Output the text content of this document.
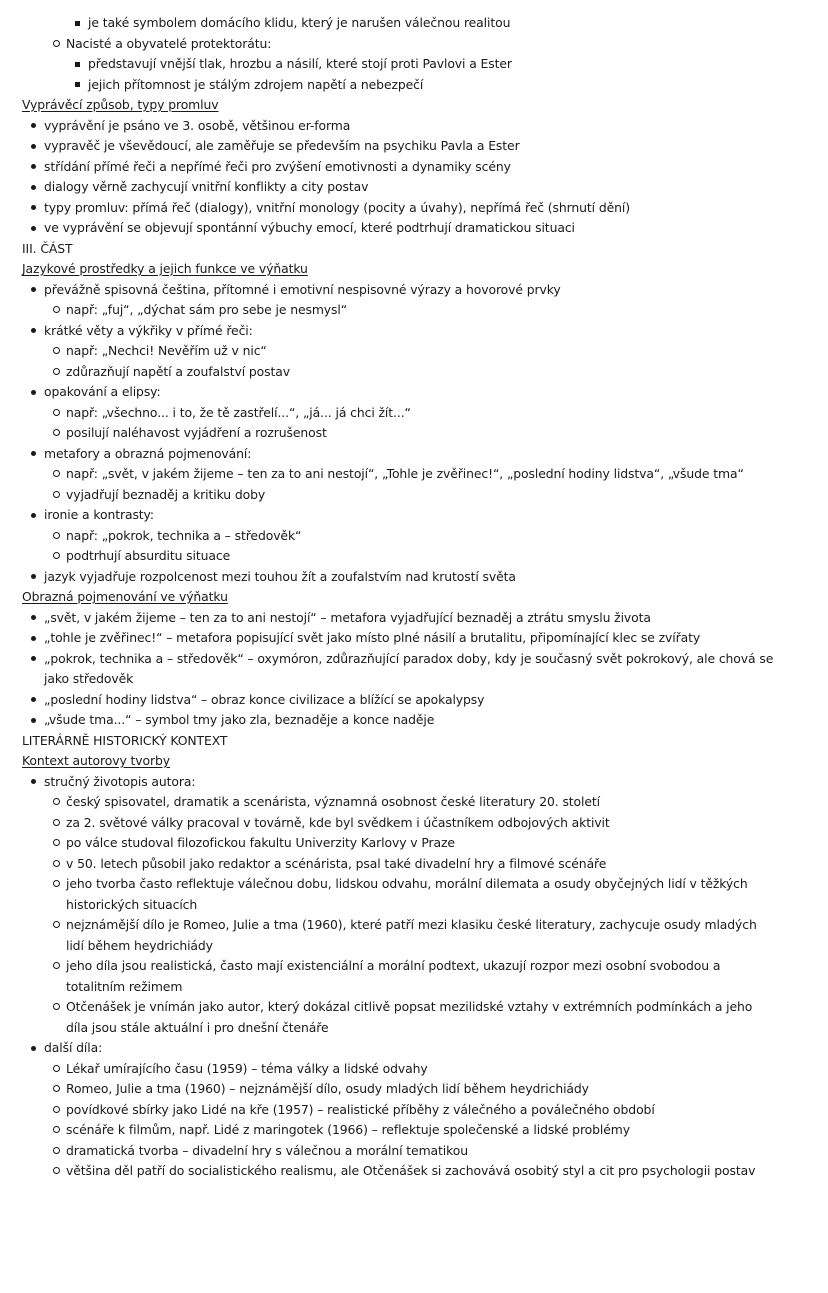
je také symbolem domácího klidu, který je narušen válečnou realitou
Nacisté a obyvatelé protektorátu:
představují vnější tlak, hrozbu a násilí, které stojí proti Pavlovi a Ester
jejich přítomnost je stálým zdrojem napětí a nebezpečí
Vyprávěcí způsob, typy promluv
vyprávění je psáno ve 3. osobě, většinou er-forma
vypravěč je vševědoucí, ale zaměřuje se především na psychiku Pavla a Ester
střídání přímé řeči a nepřímé řeči pro zvýšení emotivnosti a dynamiky scény
dialogy věrně zachycují vnitřní konflikty a city postav
typy promluv: přímá řeč (dialogy), vnitřní monology (pocity a úvahy), nepřímá řeč (shrnutí dění)
ve vyprávění se objevují spontánní výbuchy emocí, které podtrhují dramatickou situaci
III. ČÁST
Jazykové prostředky a jejich funkce ve výňatku
převážně spisovná čeština, přítomné i emotivní nespisovné výrazy a hovorové prvky
např: „fuj“, „dýchat sám pro sebe je nesmysl“
krátké věty a výkřiky v přímé řeči:
např: „Nechci! Nevěřím už v nic“
zdůrazňují napětí a zoufalství postav
opakování a elipsy:
např: „všechno... i to, že tě zastřelí...“, „já... já chci žít...“
posilují naléhavost vyjádření a rozrušenost
metafory a obrazná pojmenování:
např: „svět, v jakém žijeme – ten za to ani nestojí“, „Tohle je zvěřinec!“, „poslední hodiny lidstva“, „všude tma“
vyjadřují beznaděj a kritiku doby
ironie a kontrasty:
např: „pokrok, technika a – středověk“
podtrhují absurditu situace
jazyk vyjadřuje rozpolcenost mezi touhou žít a zoufalstvím nad krutostí světa
Obrazná pojmenování ve výňatku
„svět, v jakém žijeme – ten za to ani nestojí“ – metafora vyjadřující beznaděj a ztrátu smyslu života
„tohle je zvěřinec!“ – metafora popisující svět jako místo plné násilí a brutalitu, připomínající klec se zvířaty
„pokrok, technika a – středověk“ – oxymóron, zdůrazňující paradox doby, kdy je současný svět pokrokový, ale chová se
jako středověk
„poslední hodiny lidstva“ – obraz konce civilizace a blížící se apokalypsy
„všude tma...“ – symbol tmy jako zla, beznaděje a konce naděje
LITERÁRNĚ HISTORICKÝ KONTEXT
Kontext autorovy tvorby
stručný životopis autora:
český spisovatel, dramatik a scenárista, významná osobnost české literatury 20. století
za 2. světové války pracoval v továrně, kde byl svědkem i účastníkem odbojových aktivit
po válce studoval filozofickou fakultu Univerzity Karlovy v Praze
v 50. letech působil jako redaktor a scénárista, psal také divadelní hry a filmové scénáře
jeho tvorba často reflektuje válečnou dobu, lidskou odvahu, morální dilemata a osudy obyčejných lidí v těžkých
historických situacích
nejznámější dílo je Romeo, Julie a tma (1960), které patří mezi klasiku české literatury, zachycuje osudy mladých
lidí během heydrichiády
jeho díla jsou realistická, často mají existenciální a morální podtext, ukazují rozpor mezi osobní svobodou a
totalitním režimem
Otčenášek je vnímán jako autor, který dokázal citlivě popsat mezilidské vztahy v extrémních podmínkách a jeho
díla jsou stále aktuální i pro dnešní čtenáře
další díla:
Lékař umírajícího času (1959) – téma války a lidské odvahy
Romeo, Julie a tma (1960) – nejznámější dílo, osudy mladých lidí během heydrichiády
povídkové sbírky jako Lidé na kře (1957) – realistické příběhy z válečného a poválečného období
scénáře k filmům, např. Lidé z maringotek (1966) – reflektuje společenské a lidské problémy
dramatická tvorba – divadelní hry s válečnou a morální tematikou
většina děl patří do socialistického realismu, ale Otčenášek si zachovává osobitý styl a cit pro psychologii postav
